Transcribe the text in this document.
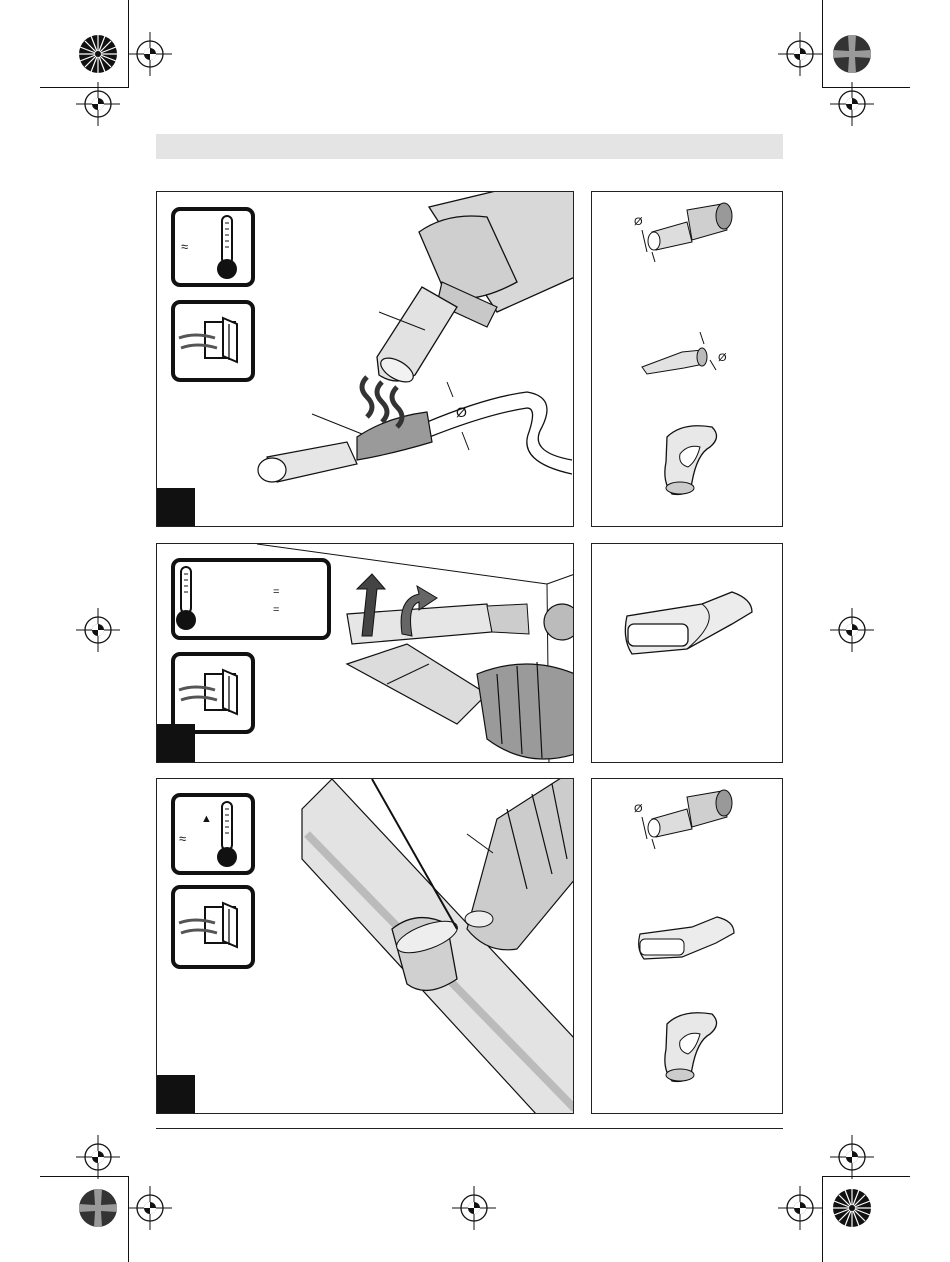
Ø
≈
Ø
Ø
=
=
≈
▲
Ø
